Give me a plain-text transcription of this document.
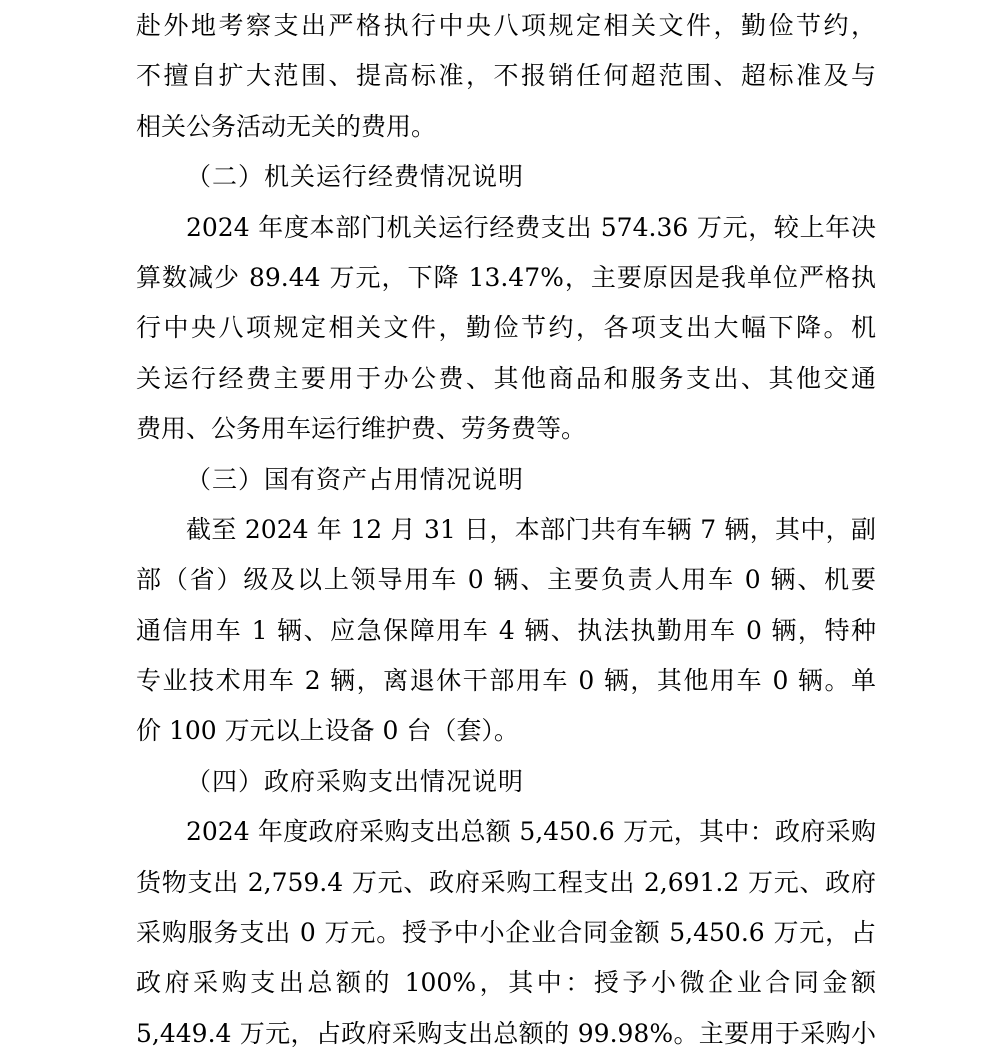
赴外地考察支出严格执行中央八项规定相关文件，勤俭节约，
不擅自扩大范围、提高标准，不报销任何超范围、超标准及与
相关公务活动无关的费用。
（二）机关运行经费情况说明
2024 年度本部门机关运行经费支出 574.36 万元，较上年决
算数减少 89.44 万元，下降 13.47%，主要原因是我单位严格执
行中央八项规定相关文件，勤俭节约，各项支出大幅下降。机
关运行经费主要用于办公费、其他商品和服务支出、其他交通
费用、公务用车运行维护费、劳务费等。
（三）国有资产占用情况说明
截至 2024 年 12 月 31 日，本部门共有车辆 7 辆，其中，副
部（省）级及以上领导用车 0 辆、主要负责人用车 0 辆、机要
通信用车 1 辆、应急保障用车 4 辆、执法执勤用车 0 辆，特种
专业技术用车 2 辆，离退休干部用车 0 辆，其他用车 0 辆。单
价 100 万元以上设备 0 台（套）。
（四）政府采购支出情况说明
2024 年度政府采购支出总额 5,450.6 万元，其中：政府采购
货物支出 2,759.4 万元、政府采购工程支出 2,691.2 万元、政府
采购服务支出 0 万元。授予中小企业合同金额 5,450.6 万元，占
政府采购支出总额的 100%，其中：授予小微企业合同金额
5,449.4 万元，占政府采购支出总额的 99.98%。主要用于采购小
